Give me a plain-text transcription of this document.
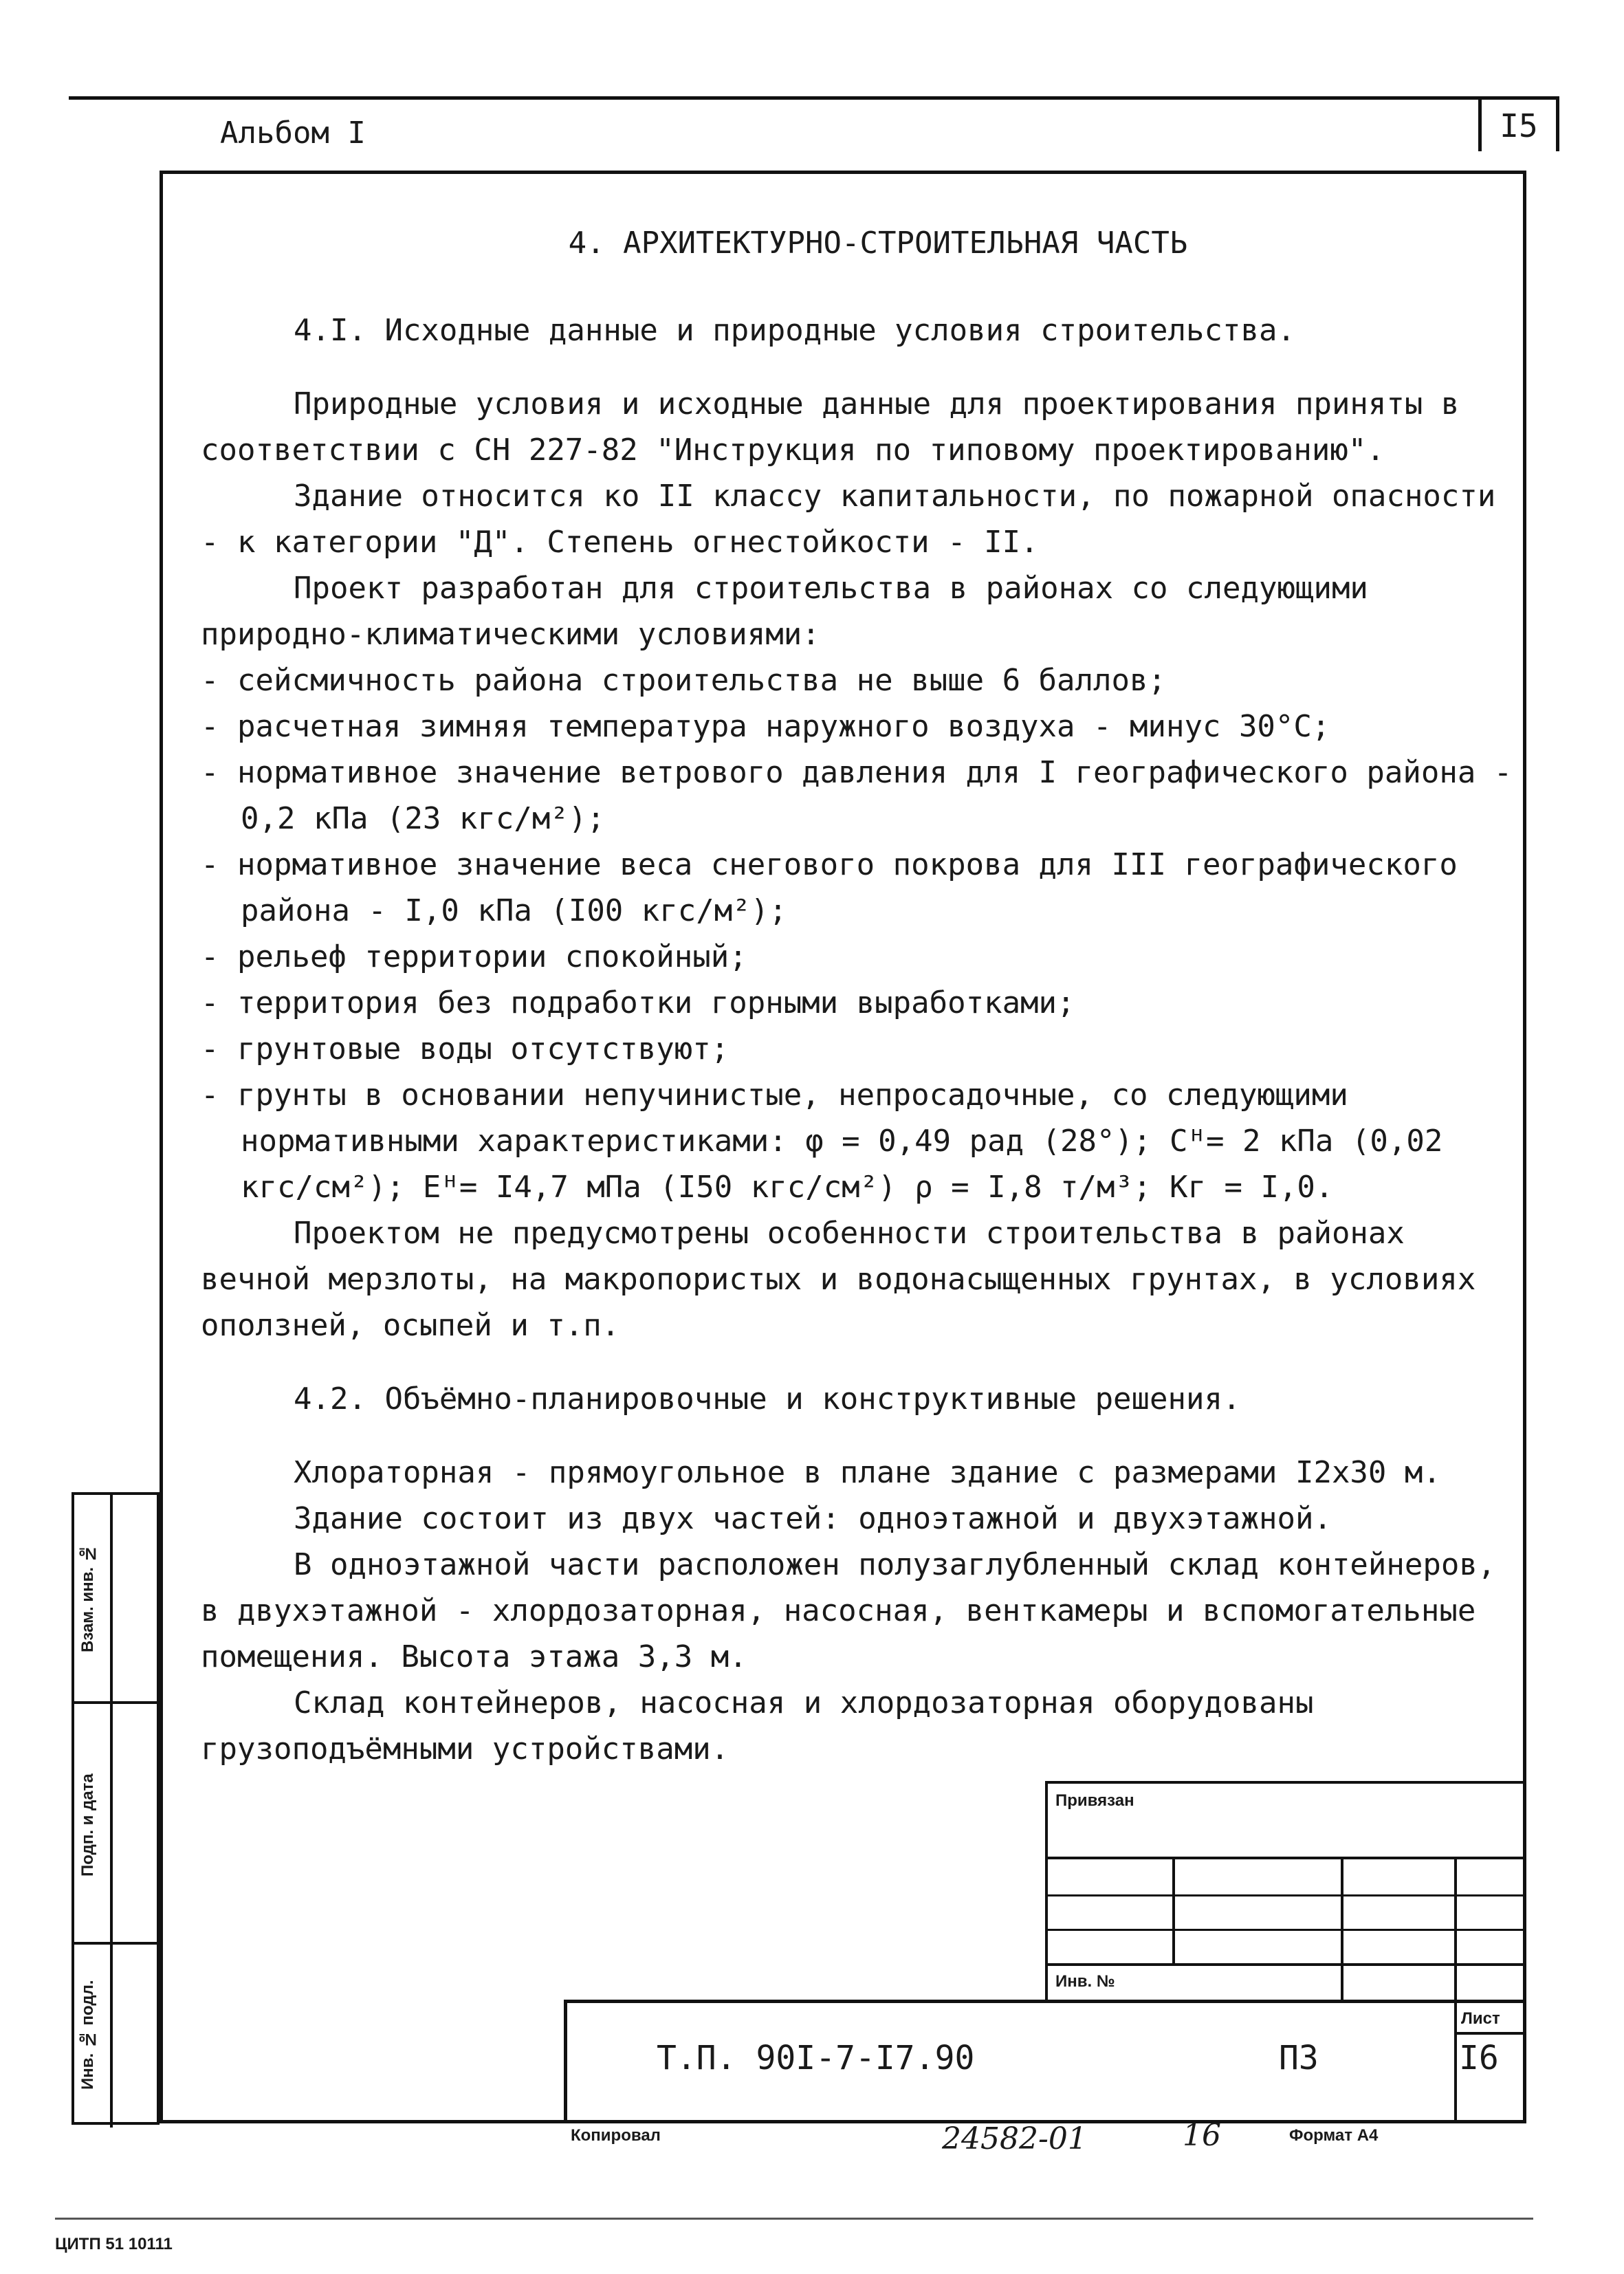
Альбом I	I5

4. АРХИТЕКТУРНО-СТРОИТЕЛЬНАЯ ЧАСТЬ

4.I. Исходные данные и природные условия строительства.

Природные условия и исходные данные для проектирования приняты в соответствии с СН 227-82 "Инструкция по типовому проектированию".

Здание относится ко II классу капитальности, по пожарной опасности - к категории "Д". Степень огнестойкости - II.

Проект разработан для строительства в районах со следующими природно-климатическими условиями:

- сейсмичность района строительства не выше 6 баллов;

- расчетная зимняя температура наружного воздуха - минус 30°С;

- нормативное значение ветрового давления для I географического района - 0,2 кПа (23 кгс/м²);

- нормативное значение веса снегового покрова для III географического района - I,0 кПа (I00 кгс/м²);

- рельеф территории спокойный;

- территория без подработки горными выработками;

- грунтовые воды отсутствуют;

- грунты в основании непучинистые, непросадочные, со следующими нормативными характеристиками: φ = 0,49 рад (28°); Cᴴ= 2 кПа (0,02 кгс/см²); Eᴴ= I4,7 мПа (I50 кгс/см²) ρ = I,8 т/м³; Кг = I,0.

Проектом не предусмотрены особенности строительства в районах вечной мерзлоты, на макропористых и водонасыщенных грунтах, в условиях оползней, осыпей и т.п.

4.2. Объёмно-планировочные и конструктивные решения.

Хлораторная - прямоугольное в плане здание с размерами I2x30 м.

Здание состоит из двух частей: одноэтажной и двухэтажной.

В одноэтажной части расположен полузаглубленный склад контейнеров, в двухэтажной - хлордозаторная, насосная, венткамеры и вспомогательные помещения. Высота этажа 3,3 м.

Склад контейнеров, насосная и хлордозаторная оборудованы грузоподъёмными устройствами.

Взам. инв. №
Подп. и дата
Инв. № подл.
Привязан
Инв. №
Лист
Т.П. 90I-7-I7.90	ПЗ	I6
Копировал	24582-01	16	Формат А4
ЦИТП 51 10111
